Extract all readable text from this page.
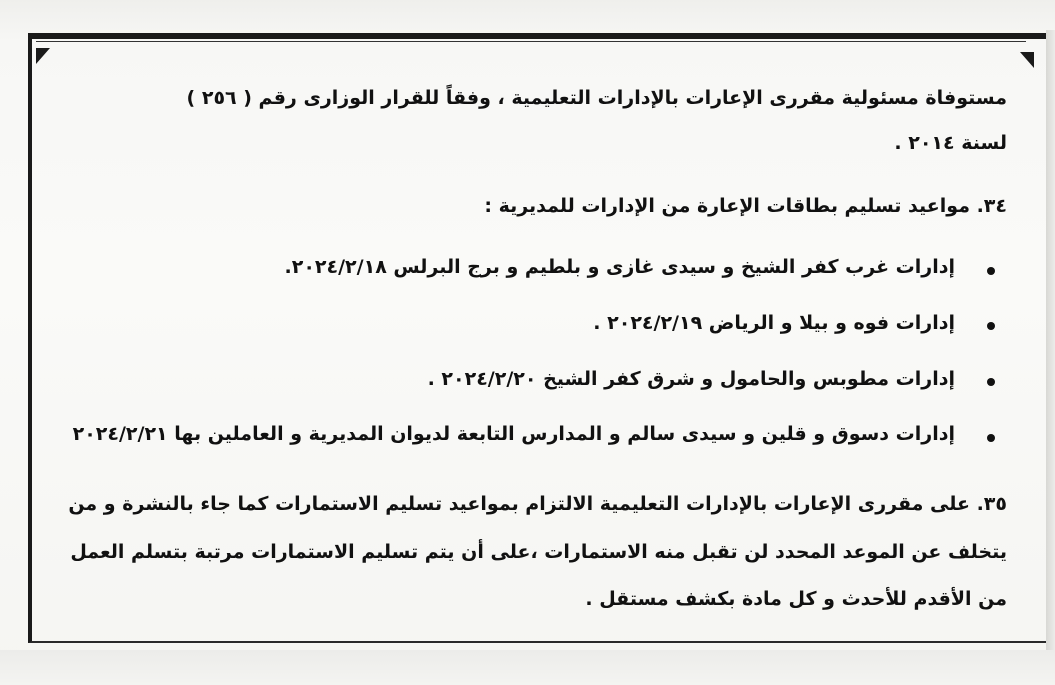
مستوفاة مسئولية مقررى الإعارات بالإدارات التعليمية ، وفقاً للقرار الوزارى رقم ( ٢٥٦ )
لسنة ٢٠١٤ .
٣٤. مواعيد تسليم بطاقات الإعارة من الإدارات للمديرية :
إدارات غرب كفر الشيخ و سيدى غازى و بلطيم و برج البرلس ٢٠٢٤/٢/١٨.
إدارات فوه و بيلا و الرياض ٢٠٢٤/٢/١٩ .
إدارات مطوبس والحامول و شرق كفر الشيخ ٢٠٢٤/٢/٢٠ .
إدارات دسوق و قلين و سيدى سالم و المدارس التابعة لديوان المديرية و العاملين بها ٢٠٢٤/٢/٢١
٣٥. على مقررى الإعارات بالإدارات التعليمية الالتزام بمواعيد تسليم الاستمارات كما جاء بالنشرة و من
يتخلف عن الموعد المحدد لن تقبل منه الاستمارات ،على أن يتم تسليم الاستمارات مرتبة بتسلم العمل
من الأقدم للأحدث و كل مادة بكشف مستقل .
